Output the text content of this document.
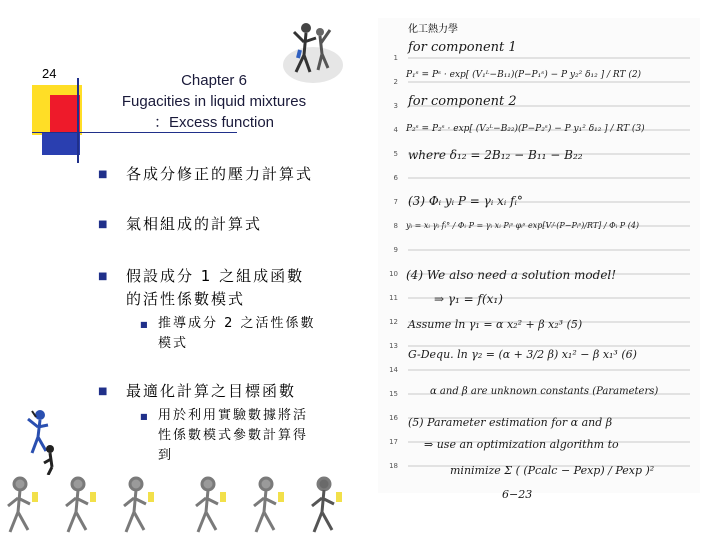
24	Chapter 6
Fugacities in liquid mixtures
：Excess function
■ 各成分修正的壓力計算式
■ 氣相組成的計算式
■ 假設成分 1 之組成函數
的活性係數模式
■ 推導成分 2 之活性係數
模式
■ 最適化計算之目標函數
■ 用於利用實驗數據將活
性係數模式參數計算得
到
化工熱力學
1
2
3
4
5
6
7
8
9
10
11
12
13
14
15
16
17
18
for component 1
P₁ˢ = Pˢ · exp[ (V₁ᴸ−B₁₁)(P−P₁ˢ) − P y₂² δ₁₂ ] / RT (2)
for component 2
P₂ˢ = P₂ˢ · exp[ (V₂ᴸ−B₂₂)(P−P₂ˢ) − P y₁² δ₁₂ ] / RT (3)
where δ₁₂ = 2B₁₂ − B₁₁ − B₂₂
(3) Φᵢ yᵢ P = γᵢ xᵢ fᵢ°
yᵢ = xᵢ γᵢ fᵢ° / Φᵢ P = γᵢ xᵢ Pᵢˢ φᵢˢ exp[Vᵢᴸ(P−Pᵢˢ)/RT] / Φᵢ P (4)
(4) We also need a solution model!
⇒ γ₁ = f(x₁)
Assume ln γ₁ = α x₂² + β x₂³ (5)
G-Dequ. ln γ₂ = (α + 3/2 β) x₁² − β x₁³ (6)
α and β are unknown constants (Parameters)
(5) Parameter estimation for α and β
⇒ use an optimization algorithm to
minimize Σ ( (Pcalc − Pexp) / Pexp )²
6−23
